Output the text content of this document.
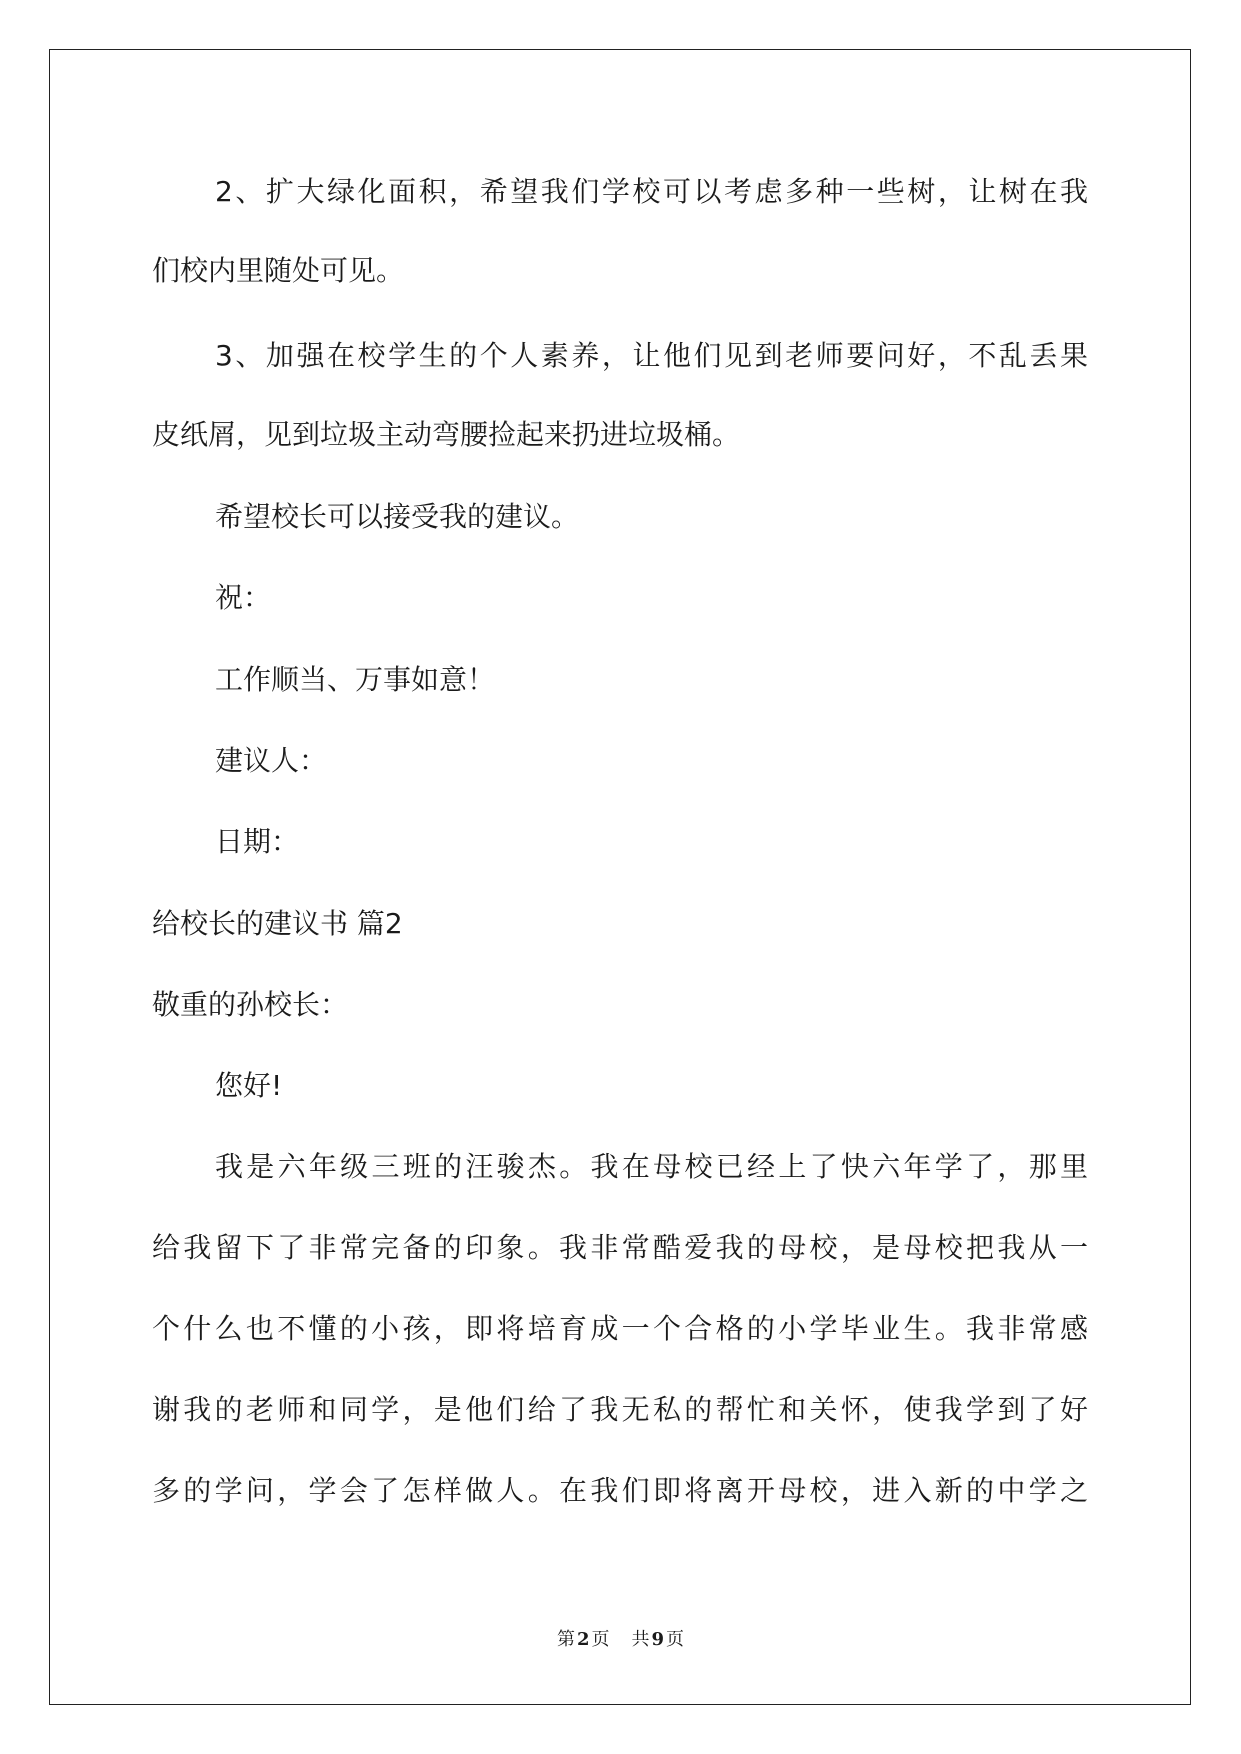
2、扩大绿化面积，希望我们学校可以考虑多种一些树，让树在我
们校内里随处可见。
3、加强在校学生的个人素养，让他们见到老师要问好，不乱丢果
皮纸屑，见到垃圾主动弯腰捡起来扔进垃圾桶。
希望校长可以接受我的建议。
祝：
工作顺当、万事如意！
建议人：
日期：
给校长的建议书 篇2
敬重的孙校长：
您好!
我是六年级三班的汪骏杰。我在母校已经上了快六年学了，那里
给我留下了非常完备的印象。我非常酷爱我的母校，是母校把我从一
个什么也不懂的小孩，即将培育成一个合格的小学毕业生。我非常感
谢我的老师和同学，是他们给了我无私的帮忙和关怀，使我学到了好
多的学问，学会了怎样做人。在我们即将离开母校，进入新的中学之
第 2 页 共 9 页
